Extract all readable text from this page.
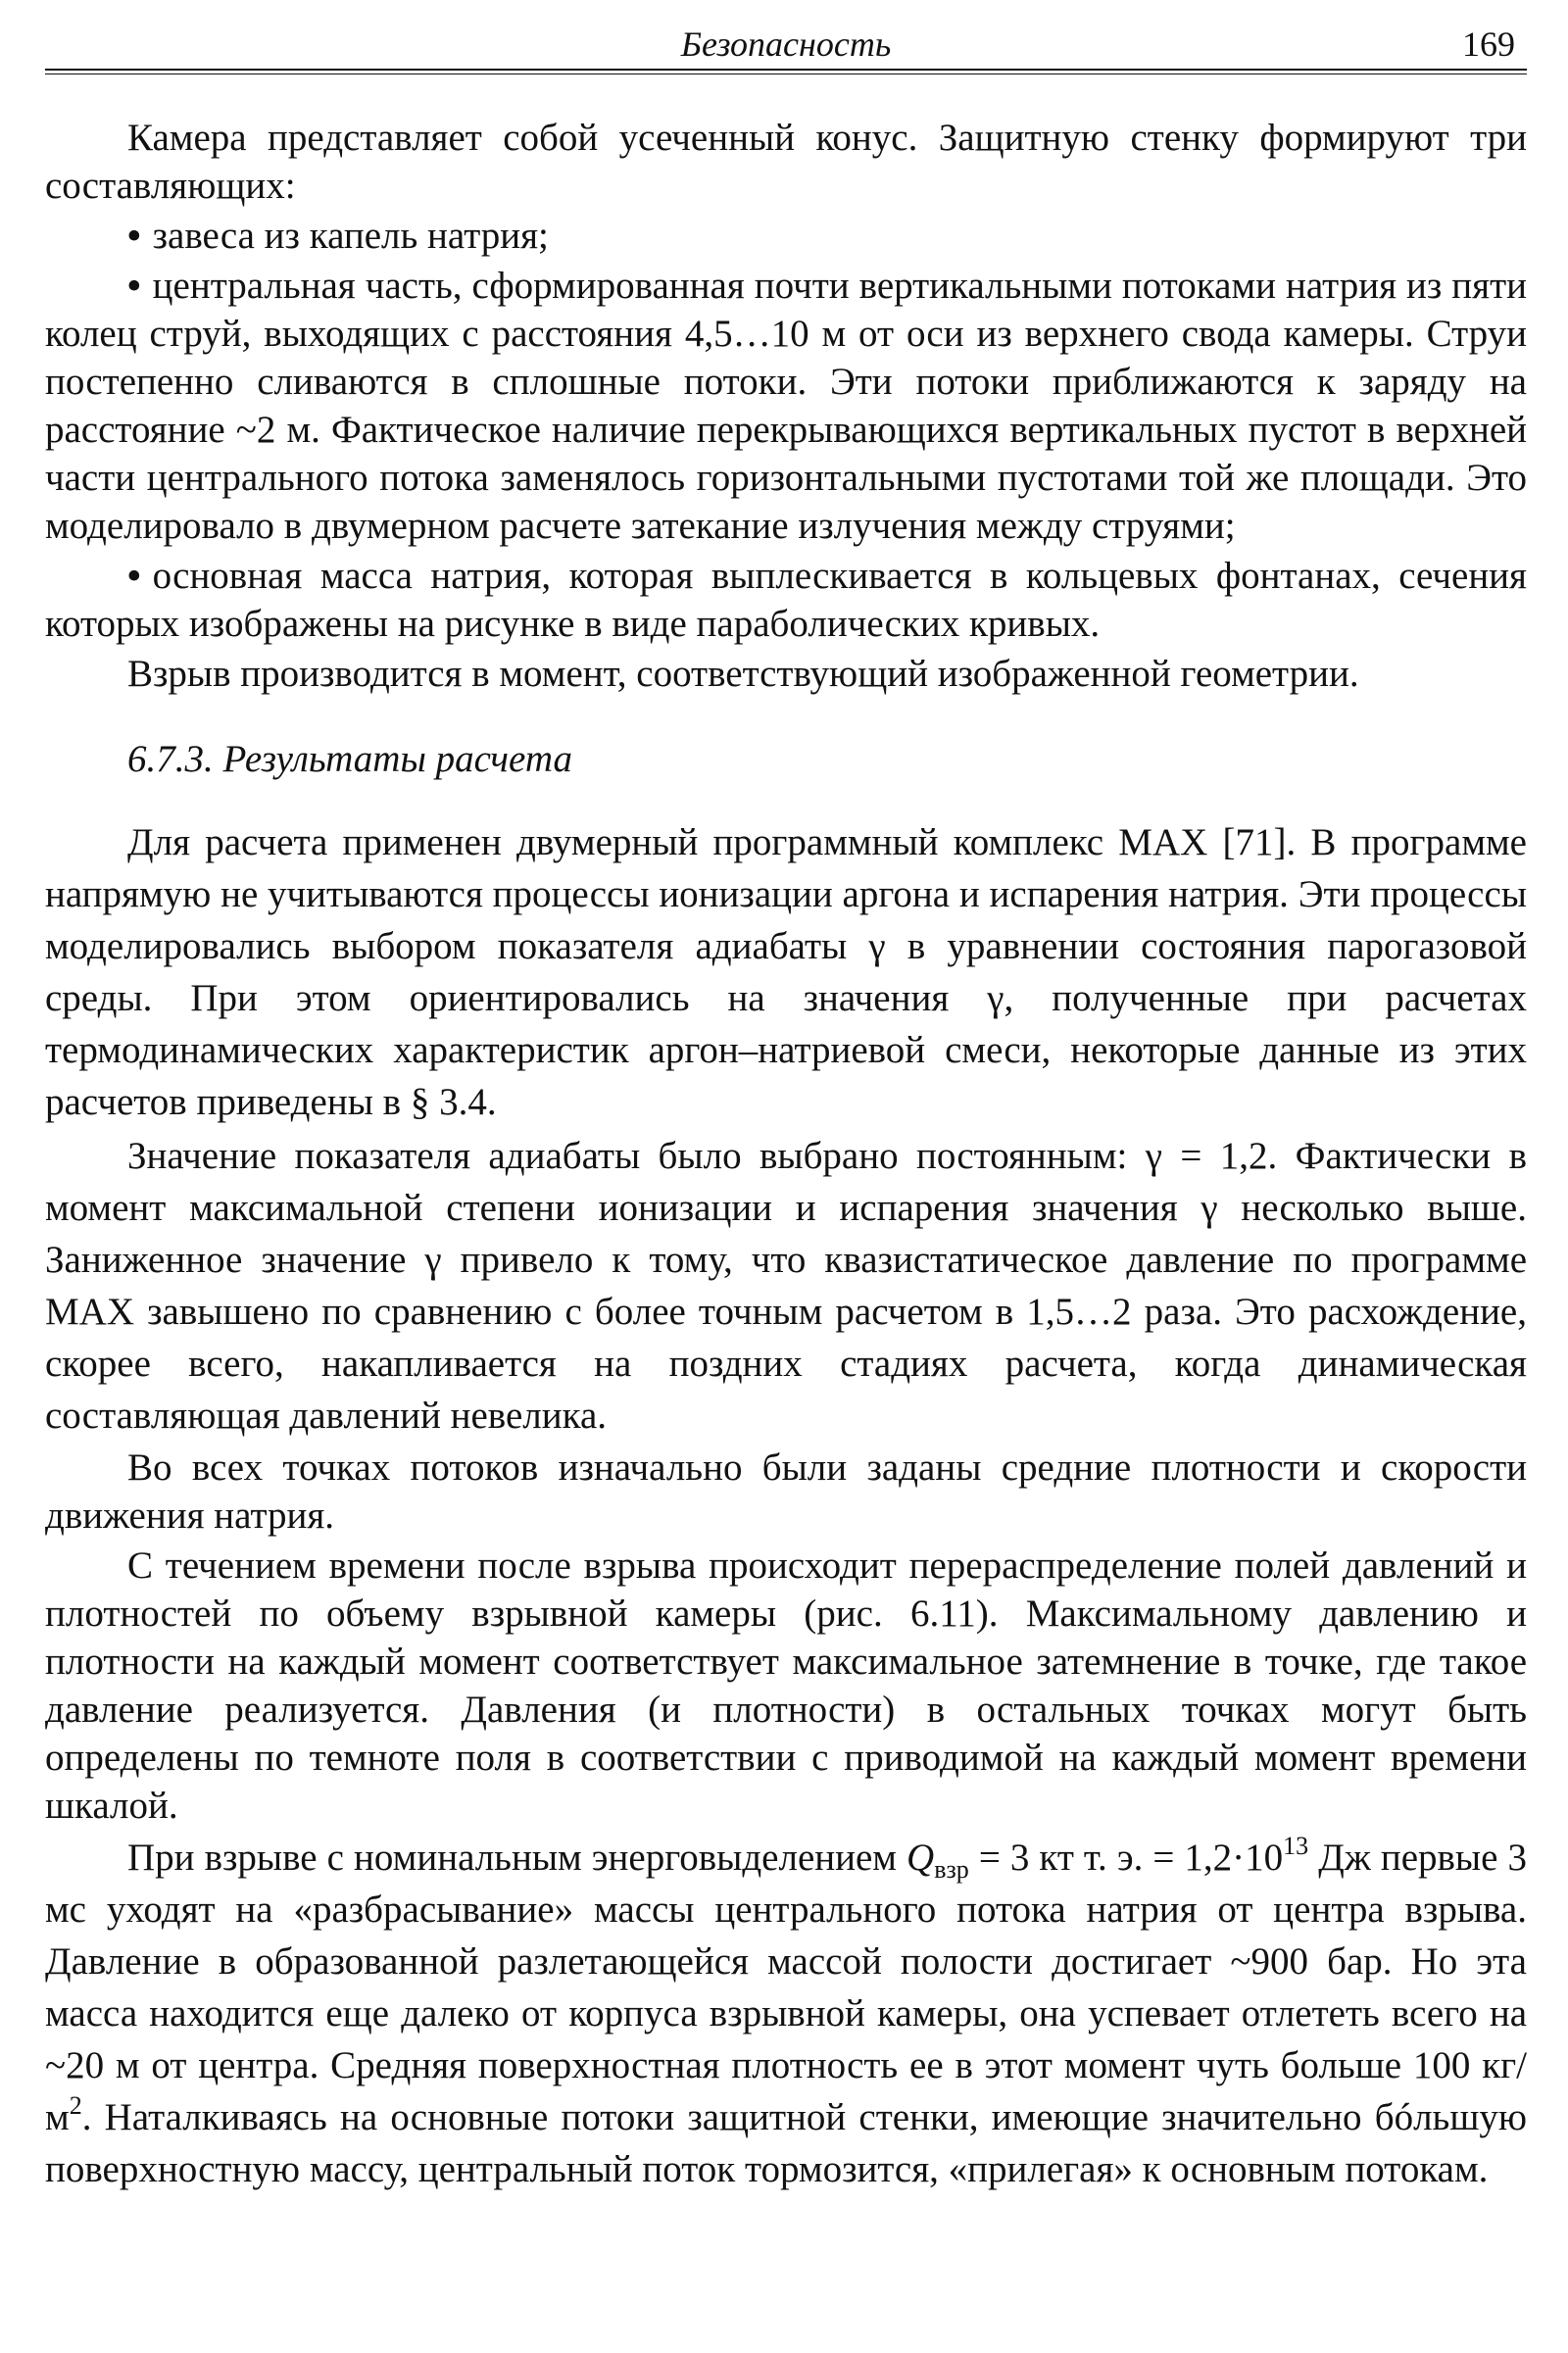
Безопасность	169

Камера представляет собой усеченный конус. Защитную стенку формируют три составляющих:

• завеса из капель натрия;

• центральная часть, сформированная почти вертикальными потоками натрия из пяти колец струй, выходящих с расстояния 4,5…10 м от оси из верхнего свода камеры. Струи постепенно сливаются в сплошные потоки. Эти потоки приближаются к заряду на расстояние ~2 м. Фактическое наличие перекрывающихся вертикальных пустот в верхней части центрального потока заменялось горизонтальными пустотами той же площади. Это моделировало в двумерном расчете затекание излучения между струями;

• основная масса натрия, которая выплескивается в кольцевых фонтанах, сечения которых изображены на рисунке в виде параболических кривых.

Взрыв производится в момент, соответствующий изображенной геометрии.

6.7.3. Результаты расчета

Для расчета применен двумерный программный комплекс MAX [71]. В программе напрямую не учитываются процессы ионизации аргона и испарения натрия. Эти процессы моделировались выбором показателя адиабаты γ в уравнении состояния парогазовой среды. При этом ориентировались на значения γ, полученные при расчетах термодинамических характеристик аргон–натриевой смеси, некоторые данные из этих расчетов приведены в § 3.4.

Значение показателя адиабаты было выбрано постоянным: γ = 1,2. Фактически в момент максимальной степени ионизации и испарения значения γ несколько выше. Заниженное значение γ привело к тому, что квазистатическое давление по программе MAX завышено по сравнению с более точным расчетом в 1,5…2 раза. Это расхождение, скорее всего, накапливается на поздних стадиях расчета, когда динамическая составляющая давлений невелика.

Во всех точках потоков изначально были заданы средние плотности и скорости движения натрия.

С течением времени после взрыва происходит перераспределение полей давлений и плотностей по объему взрывной камеры (рис. 6.11). Максимальному давлению и плотности на каждый момент соответствует максимальное затемнение в точке, где такое давление реализуется. Давления (и плотности) в остальных точках могут быть определены по темноте поля в соответствии с приводимой на каждый момент времени шкалой.

При взрыве с номинальным энерговыделением $Q_{взр} = 3$ кт т. э. = $1,2\cdot 10^{13}$ Дж первые 3 мс уходят на «разбрасывание» массы центрального потока натрия от центра взрыва. Давление в образованной разлетающейся массой полости достигает ~900 бар. Но эта масса находится еще далеко от корпуса взрывной камеры, она успевает отлететь всего на ~20 м от центра. Средняя поверхностная плотность ее в этот момент чуть больше 100 $кг/м^2$. Наталкиваясь на основные потоки защитной стенки, имеющие значительно бóльшую поверхностную массу, центральный поток тормозится, «прилегая» к основным потокам.
